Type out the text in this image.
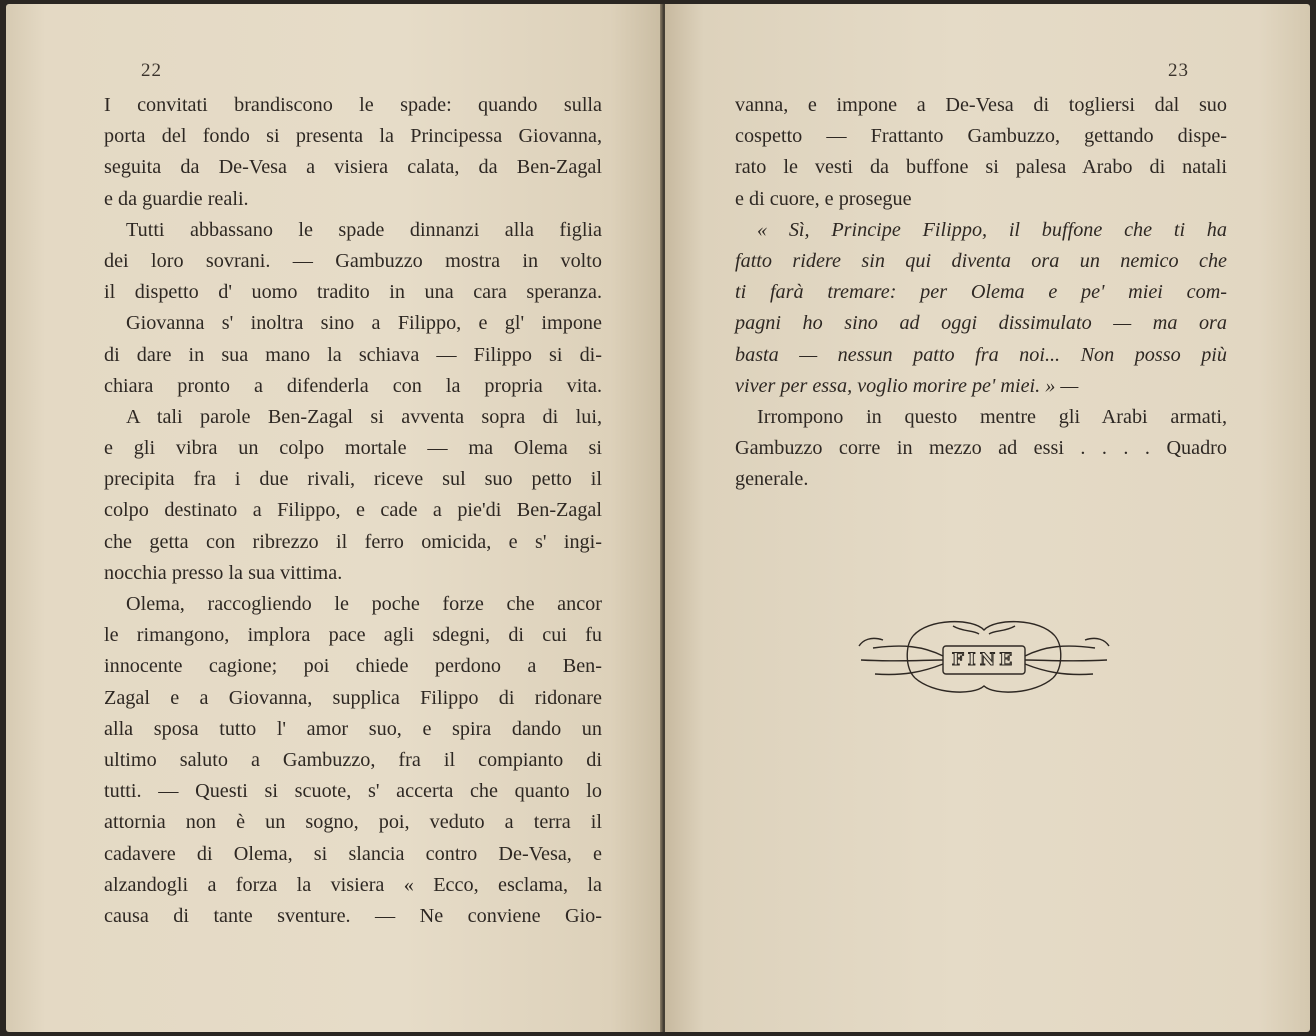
22
I convitati brandiscono le spade: quando sulla
porta del fondo si presenta la Principessa Giovanna,
seguita da De-Vesa a visiera calata, da Ben-Zagal
e da guardie reali.
Tutti abbassano le spade dinnanzi alla figlia
dei loro sovrani. — Gambuzzo mostra in volto
il dispetto d' uomo tradito in una cara speranza.
Giovanna s' inoltra sino a Filippo, e gl' impone
di dare in sua mano la schiava — Filippo si di-
chiara pronto a difenderla con la propria vita.
A tali parole Ben-Zagal si avventa sopra di lui,
e gli vibra un colpo mortale — ma Olema si
precipita fra i due rivali, riceve sul suo petto il
colpo destinato a Filippo, e cade a pie'di Ben-Zagal
che getta con ribrezzo il ferro omicida, e s' ingi-
nocchia presso la sua vittima.
Olema, raccogliendo le poche forze che ancor
le rimangono, implora pace agli sdegni, di cui fu
innocente cagione; poi chiede perdono a Ben-
Zagal e a Giovanna, supplica Filippo di ridonare
alla sposa tutto l' amor suo, e spira dando un
ultimo saluto a Gambuzzo, fra il compianto di
tutti. — Questi si scuote, s' accerta che quanto lo
attornia non è un sogno, poi, veduto a terra il
cadavere di Olema, si slancia contro De-Vesa, e
alzandogli a forza la visiera « Ecco, esclama, la
causa di tante sventure. — Ne conviene Gio-
23
vanna, e impone a De-Vesa di togliersi dal suo
cospetto — Frattanto Gambuzzo, gettando dispe-
rato le vesti da buffone si palesa Arabo di natali
e di cuore, e prosegue
« Sì, Principe Filippo, il buffone che ti ha
fatto ridere sin qui diventa ora un nemico che
ti farà tremare: per Olema e pe' miei com-
pagni ho sino ad oggi dissimulato — ma ora
basta — nessun patto fra noi... Non posso più
viver per essa, voglio morire pe' miei. » —
Irrompono in questo mentre gli Arabi armati,
Gambuzzo corre in mezzo ad essi . . . . Quadro
generale.
FINE
